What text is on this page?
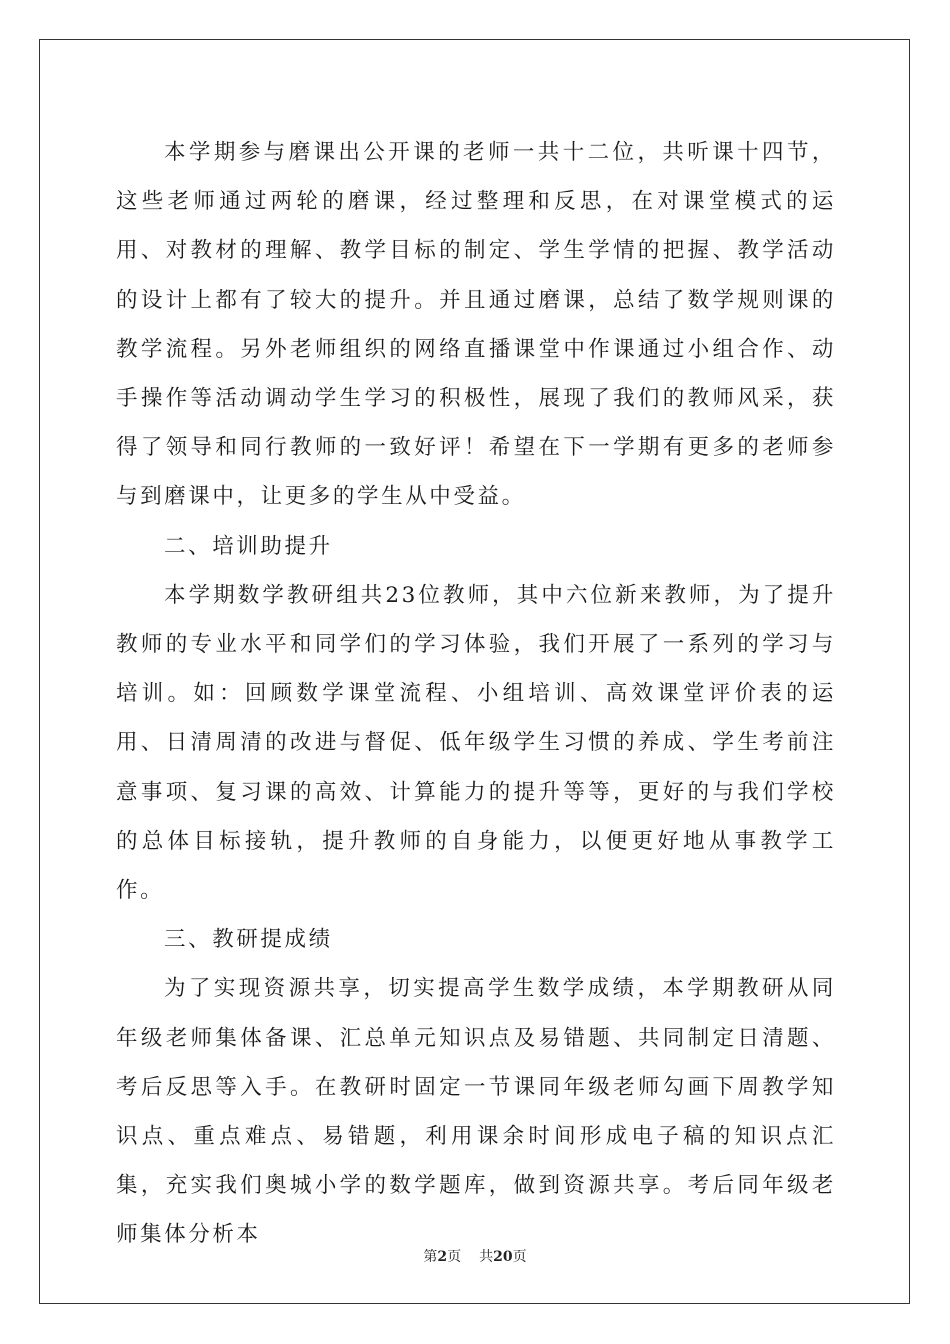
本学期参与磨课出公开课的老师一共十二位，共听课十四节，这些老师通过两轮的磨课，经过整理和反思，在对课堂模式的运用、对教材的理解、教学目标的制定、学生学情的把握、教学活动的设计上都有了较大的提升。并且通过磨课，总结了数学规则课的教学流程。另外老师组织的网络直播课堂中作课通过小组合作、动手操作等活动调动学生学习的积极性，展现了我们的教师风采，获得了领导和同行教师的一致好评！希望在下一学期有更多的老师参与到磨课中，让更多的学生从中受益。

二、培训助提升

本学期数学教研组共23位教师，其中六位新来教师，为了提升教师的专业水平和同学们的学习体验，我们开展了一系列的学习与培训。如：回顾数学课堂流程、小组培训、高效课堂评价表的运用、日清周清的改进与督促、低年级学生习惯的养成、学生考前注意事项、复习课的高效、计算能力的提升等等，更好的与我们学校的总体目标接轨，提升教师的自身能力，以便更好地从事教学工作。

三、教研提成绩

为了实现资源共享，切实提高学生数学成绩，本学期教研从同年级老师集体备课、汇总单元知识点及易错题、共同制定日清题、考后反思等入手。在教研时固定一节课同年级老师勾画下周教学知识点、重点难点、易错题，利用课余时间形成电子稿的知识点汇集，充实我们奥城小学的数学题库，做到资源共享。考后同年级老师集体分析本

第2页 共20页
